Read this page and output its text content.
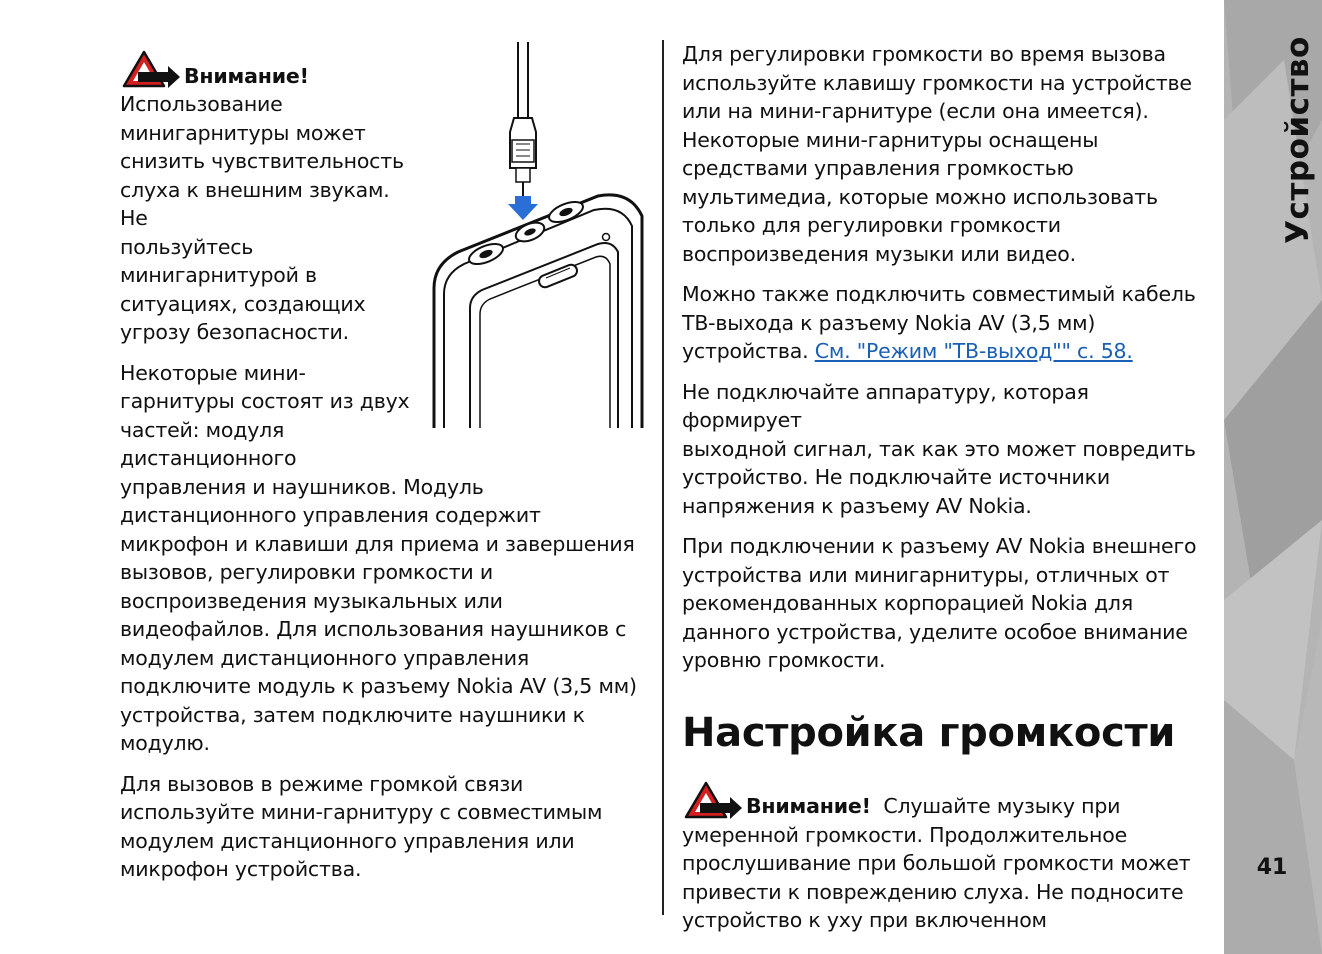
Внимание!

Использование

минигарнитуры может

снизить чувствительность

слуха к внешним звукам. Не

пользуйтесь

минигарнитурой в

ситуациях, создающих

угрозу безопасности.

Некоторые мини-

гарнитуры состоят из двух

частей: модуля

дистанционного

управления и наушников. Модуль

дистанционного управления содержит

микрофон и клавиши для приема и завершения

вызовов, регулировки громкости и

воспроизведения музыкальных или

видеофайлов. Для использования наушников с

модулем дистанционного управления

подключите модуль к разъему Nokia AV (3,5 мм)

устройства, затем подключите наушники к

модулю.

Для вызовов в режиме громкой связи

используйте мини-гарнитуру с совместимым

модулем дистанционного управления или

микрофон устройства.

Для регулировки громкости во время вызова

используйте клавишу громкости на устройстве

или на мини-гарнитуре (если она имеется).

Некоторые мини-гарнитуры оснащены

средствами управления громкостью

мультимедиа, которые можно использовать

только для регулировки громкости

воспроизведения музыки или видео.

Можно также подключить совместимый кабель

ТВ-выхода к разъему Nokia AV (3,5 мм)

устройства. См. "Режим "ТВ-выход"" с. 58.

Не подключайте аппаратуру, которая формирует

выходной сигнал, так как это может повредить

устройство. Не подключайте источники

напряжения к разъему AV Nokia.

При подключении к разъему AV Nokia внешнего

устройства или минигарнитуры, отличных от

рекомендованных корпорацией Nokia для

данного устройства, уделите особое внимание

уровню громкости.

Настройка громкости

Внимание! Слушайте музыку при

умеренной громкости. Продолжительное

прослушивание при большой громкости может

привести к повреждению слуха. Не подносите

устройство к уху при включенном

Устройство
41
